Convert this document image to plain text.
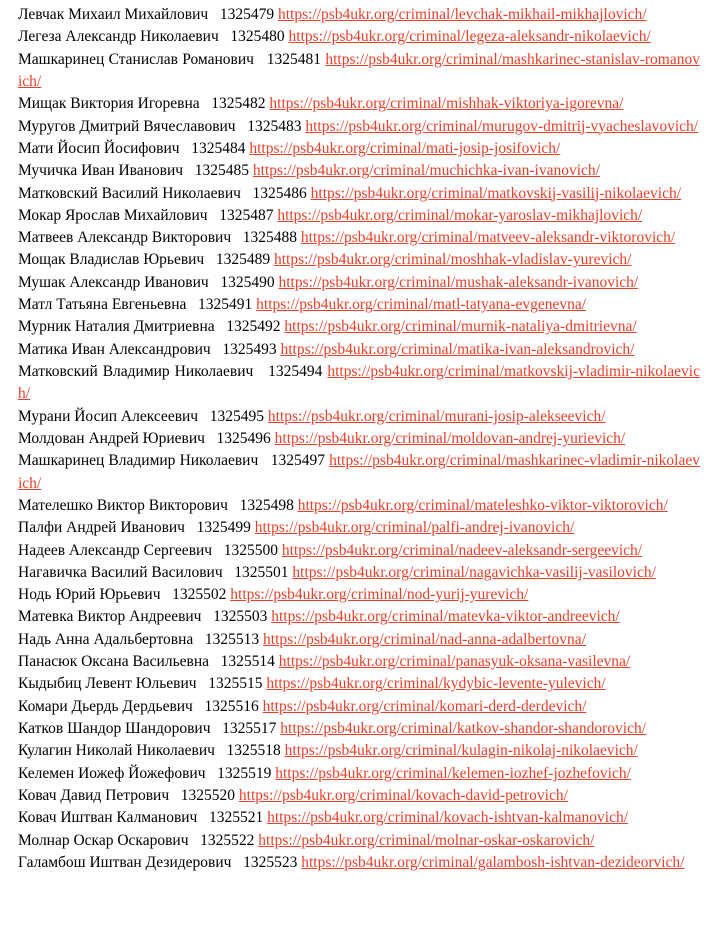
Левчак Михаил Михайлович 1325479 https://psb4ukr.org/criminal/levchak-mikhail-mikhajlovich/
Легеза Александр Николаевич 1325480 https://psb4ukr.org/criminal/legeza-aleksandr-nikolaevich/
Машкаринец Станислав Романович 1325481 https://psb4ukr.org/criminal/mashkarinec-stanislav-romanovich/
Мищак Виктория Игоревна 1325482 https://psb4ukr.org/criminal/mishhak-viktoriya-igorevna/
Муругов Дмитрий Вячеславович 1325483 https://psb4ukr.org/criminal/murugov-dmitrij-vyacheslavovich/
Мати Йосип Йосифович 1325484 https://psb4ukr.org/criminal/mati-josip-josifovich/
Мучичка Иван Иванович 1325485 https://psb4ukr.org/criminal/muchichka-ivan-ivanovich/
Матковский Василий Николаевич 1325486 https://psb4ukr.org/criminal/matkovskij-vasilij-nikolaevich/
Мокар Ярослав Михайлович 1325487 https://psb4ukr.org/criminal/mokar-yaroslav-mikhajlovich/
Матвеев Александр Викторович 1325488 https://psb4ukr.org/criminal/matveev-aleksandr-viktorovich/
Мощак Владислав Юрьевич 1325489 https://psb4ukr.org/criminal/moshhak-vladislav-yurevich/
Мушак Александр Иванович 1325490 https://psb4ukr.org/criminal/mushak-aleksandr-ivanovich/
Матл Татьяна Евгеньевна 1325491 https://psb4ukr.org/criminal/matl-tatyana-evgenevna/
Мурник Наталия Дмитриевна 1325492 https://psb4ukr.org/criminal/murnik-nataliya-dmitrievna/
Матика Иван Александрович 1325493 https://psb4ukr.org/criminal/matika-ivan-aleksandrovich/
Матковский Владимир Николаевич 1325494 https://psb4ukr.org/criminal/matkovskij-vladimir-nikolaevich/
Мурани Йосип Алексеевич 1325495 https://psb4ukr.org/criminal/murani-josip-alekseevich/
Молдован Андрей Юриевич 1325496 https://psb4ukr.org/criminal/moldovan-andrej-yurievich/
Машкаринец Владимир Николаевич 1325497 https://psb4ukr.org/criminal/mashkarinec-vladimir-nikolaevich/
Мателешко Виктор Викторович 1325498 https://psb4ukr.org/criminal/mateleshko-viktor-viktorovich/
Палфи Андрей Иванович 1325499 https://psb4ukr.org/criminal/palfi-andrej-ivanovich/
Надеев Александр Сергеевич 1325500 https://psb4ukr.org/criminal/nadeev-aleksandr-sergeevich/
Нагавичка Василий Василович 1325501 https://psb4ukr.org/criminal/nagavichka-vasilij-vasilovich/
Нодь Юрий Юрьевич 1325502 https://psb4ukr.org/criminal/nod-yurij-yurevich/
Матевка Виктор Андреевич 1325503 https://psb4ukr.org/criminal/matevka-viktor-andreevich/
Надь Анна Адальбертовна 1325513 https://psb4ukr.org/criminal/nad-anna-adalbertovna/
Панасюк Оксана Васильевна 1325514 https://psb4ukr.org/criminal/panasyuk-oksana-vasilevna/
Кыдыбиц Левент Юльевич 1325515 https://psb4ukr.org/criminal/kydybic-levente-yulevich/
Комари Дьердь Дердьевич 1325516 https://psb4ukr.org/criminal/komari-derd-derdevich/
Катков Шандор Шандорович 1325517 https://psb4ukr.org/criminal/katkov-shandor-shandorovich/
Кулагин Николай Николаевич 1325518 https://psb4ukr.org/criminal/kulagin-nikolaj-nikolaevich/
Келемен Иожеф Йожефович 1325519 https://psb4ukr.org/criminal/kelemen-iozhef-jozhefovich/
Ковач Давид Петрович 1325520 https://psb4ukr.org/criminal/kovach-david-petrovich/
Ковач Иштван Калманович 1325521 https://psb4ukr.org/criminal/kovach-ishtvan-kalmanovich/
Молнар Оскар Оскарович 1325522 https://psb4ukr.org/criminal/molnar-oskar-oskarovich/
Галамбош Иштван Дезидерович 1325523 https://psb4ukr.org/criminal/galambosh-ishtvan-dezideorvich/
